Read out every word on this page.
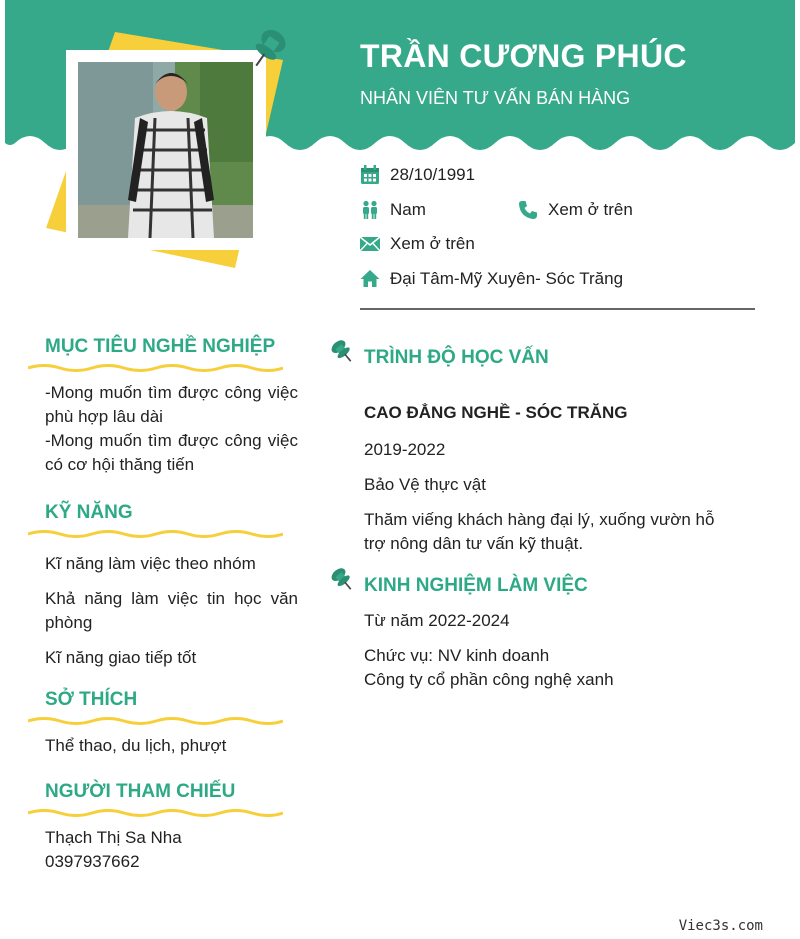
TRẦN CƯƠNG PHÚC
NHÂN VIÊN TƯ VẤN BÁN HÀNG
28/10/1991
Nam	Xem ở trên
Xem ở trên
Đại Tâm-Mỹ Xuyên- Sóc Trăng
MỤC TIÊU NGHỀ NGHIỆP

-Mong muốn tìm được công việc phù hợp lâu dài

-Mong muốn tìm được công việc có cơ hội thăng tiến

KỸ NĂNG
Kĩ năng làm việc theo nhóm
Khả năng làm việc tin học văn phòng
Kĩ năng giao tiếp tốt
SỞ THÍCH
Thể thao, du lịch, phượt
NGƯỜI THAM CHIẾU

Thạch Thị Sa Nha

0397937662

TRÌNH ĐỘ HỌC VẤN
CAO ĐẲNG NGHỀ - SÓC TRĂNG
2019-2022
Bảo Vệ thực vật
Thăm viếng khách hàng đại lý, xuống vườn hỗ trợ nông dân tư vấn kỹ thuật.
KINH NGHIỆM LÀM VIỆC
Từ năm 2022-2024

Chức vụ: NV kinh doanh

Công ty cổ phần công nghệ xanh

Viec3s.com
